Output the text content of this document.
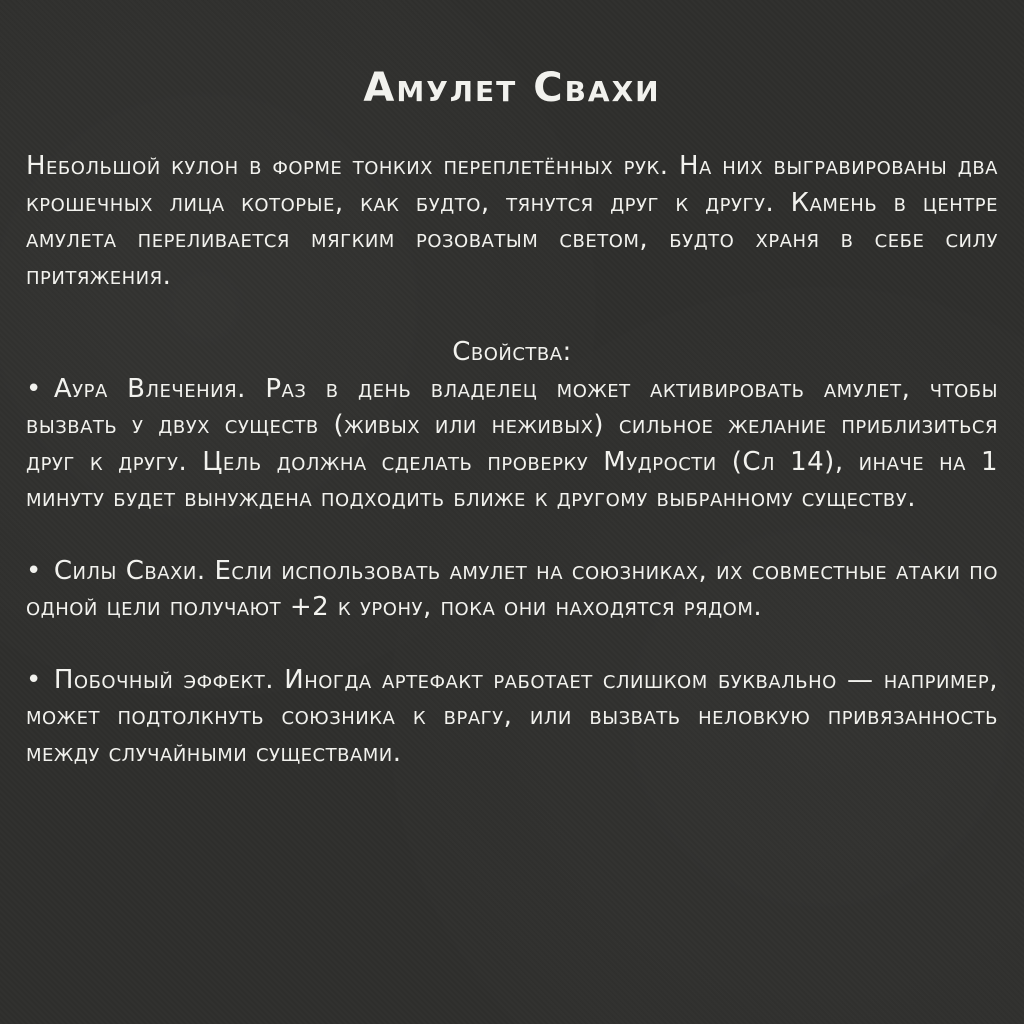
Амулет Свахи

Небольшой кулон в форме тонких переплетённых рук. На них выгравированы два крошечных лица которые, как будто, тянутся друг к другу. Камень в центре амулета переливается мягким розоватым светом, будто храня в себе силу притяжения.

Свойства:

• Аура Влечения. Раз в день владелец может активировать амулет, чтобы вызвать у двух существ (живых или неживых) сильное желание приблизиться друг к другу. Цель должна сделать проверку Мудрости (Сл 14), иначе на 1 минуту будет вынуждена подходить ближе к другому выбранному существу.

• Силы Свахи. Если использовать амулет на союзниках, их совместные атаки по одной цели получают +2 к урону, пока они находятся рядом.

• Побочный эффект. Иногда артефакт работает слишком буквально — например, может подтолкнуть союзника к врагу, или вызвать неловкую привязанность между случайными существами.
